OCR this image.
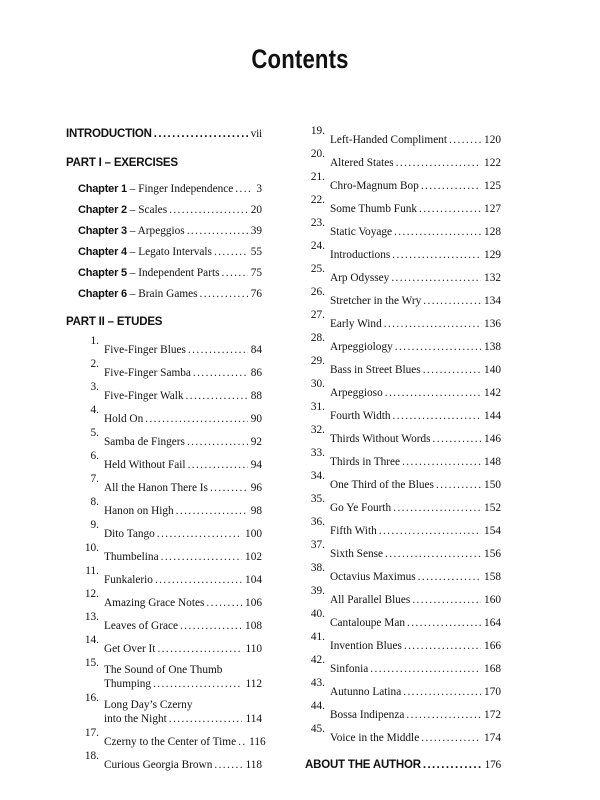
Contents
INTRODUCTION .....	vii
PART I – EXERCISES
Chapter 1 – Finger Independence ..... 3
Chapter 2 – Scales .....	20
Chapter 3 – Arpeggios .....	39
Chapter 4 – Legato Intervals .....	55
Chapter 5 – Independent Parts .....	75
Chapter 6 – Brain Games .....	76
PART II – ETUDES
1.
Five-Finger Blues .....	84
2.
Five-Finger Samba .....	86
3.
Five-Finger Walk .....	88
4.
Hold On .....	90
5.
Samba de Fingers .....	92
6.
Held Without Fail .....	94
7.
All the Hanon There Is .....	96
8.
Hanon on High .....	98
9.
Dito Tango .....	100
10.
Thumbelina .....	102
11.
Funkalerio .....	104
12.
Amazing Grace Notes .....	106
13.
Leaves of Grace .....	108
14.
Get Over It .....	110
15.
The Sound of One Thumb
Thumping .....	112
16.
Long Day’s Czerny
into the Night .....	114
17.
Czerny to the Center of Time ..... 116
18.
Curious Georgia Brown .....	118
19.
Left-Handed Compliment .....	120
20.
Altered States .....	122
21.
Chro-Magnum Bop .....	125
22.
Some Thumb Funk .....	127
23.
Static Voyage .....	128
24.
Introductions .....	129
25.
Arp Odyssey .....	132
26.
Stretcher in the Wry .....	134
27.
Early Wind .....	136
28.
Arpeggiology .....	138
29.
Bass in Street Blues .....	140
30.
Arpeggioso .....	142
31.
Fourth Width .....	144
32.
Thirds Without Words .....	146
33.
Thirds in Three .....	148
34.
One Third of the Blues .....	150
35.
Go Ye Fourth .....	152
36.
Fifth With .....	154
37.
Sixth Sense .....	156
38.
Octavius Maximus .....	158
39.
All Parallel Blues .....	160
40.
Cantaloupe Man .....	164
41.
Invention Blues .....	166
42.
Sinfonia .....	168
43.
Autunno Latina .....	170
44.
Bossa Indipenza .....	172
45.
Voice in the Middle .....	174
ABOUT THE AUTHOR .....	176
